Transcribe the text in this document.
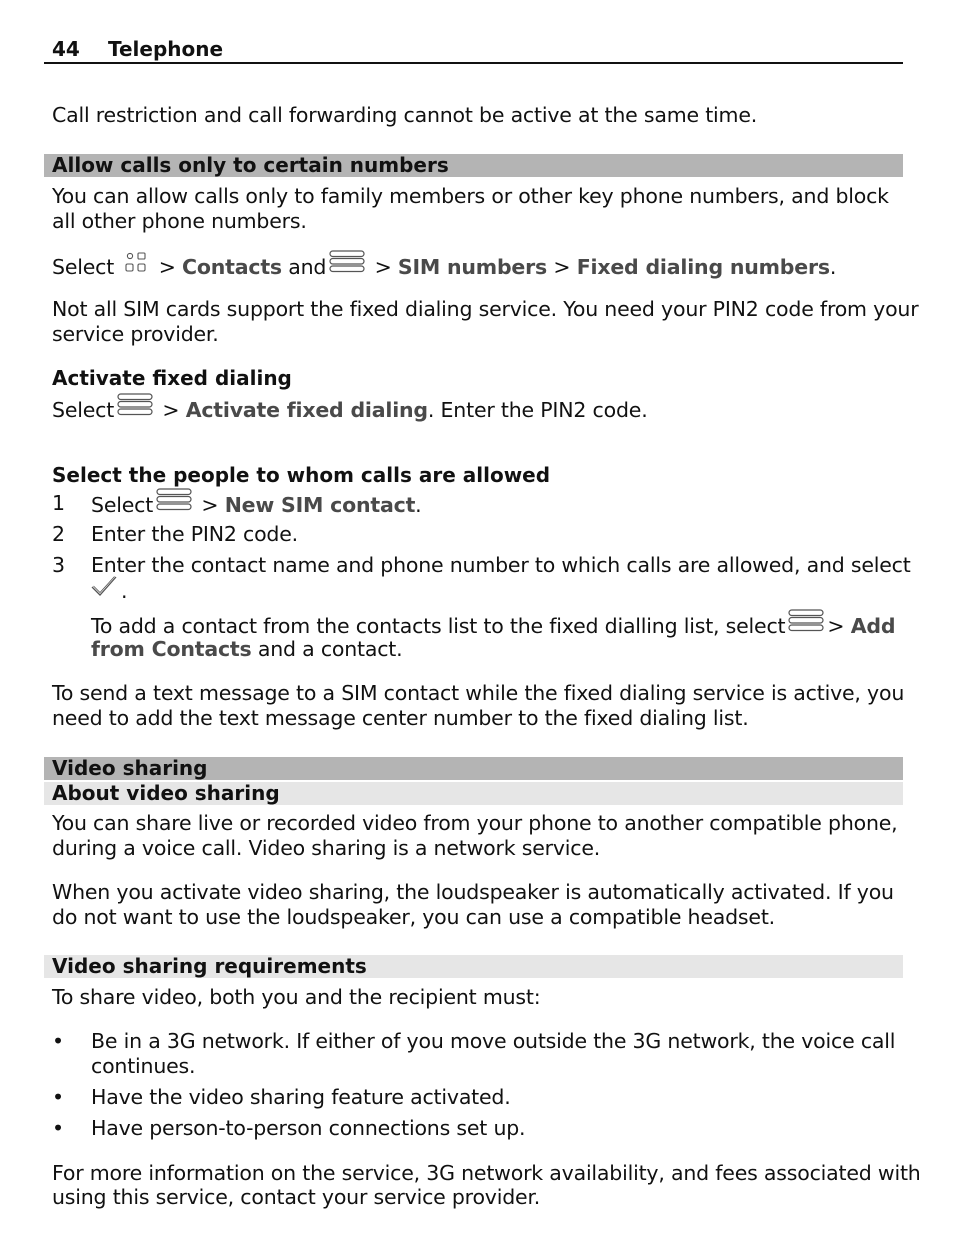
44 Telephone
Call restriction and call forwarding cannot be active at the same time.
Allow calls only to certain numbers
You can allow calls only to family members or other key phone numbers, and block
all other phone numbers.
Select > Contacts and > SIM numbers > Fixed dialing numbers.
Not all SIM cards support the fixed dialing service. You need your PIN2 code from your
service provider.
Activate fixed dialing
Select > Activate fixed dialing. Enter the PIN2 code.
Select the people to whom calls are allowed
1 Select > New SIM contact.
2 Enter the PIN2 code.
3 Enter the contact name and phone number to which calls are allowed, and select
.
To add a contact from the contacts list to the fixed dialling list, select > Add
from Contacts and a contact.
To send a text message to a SIM contact while the fixed dialing service is active, you
need to add the text message center number to the fixed dialing list.
Video sharing
About video sharing
You can share live or recorded video from your phone to another compatible phone,
during a voice call. Video sharing is a network service.
When you activate video sharing, the loudspeaker is automatically activated. If you
do not want to use the loudspeaker, you can use a compatible headset.
Video sharing requirements
To share video, both you and the recipient must:
• Be in a 3G network. If either of you move outside the 3G network, the voice call
continues.
• Have the video sharing feature activated.
• Have person-to-person connections set up.
For more information on the service, 3G network availability, and fees associated with
using this service, contact your service provider.
